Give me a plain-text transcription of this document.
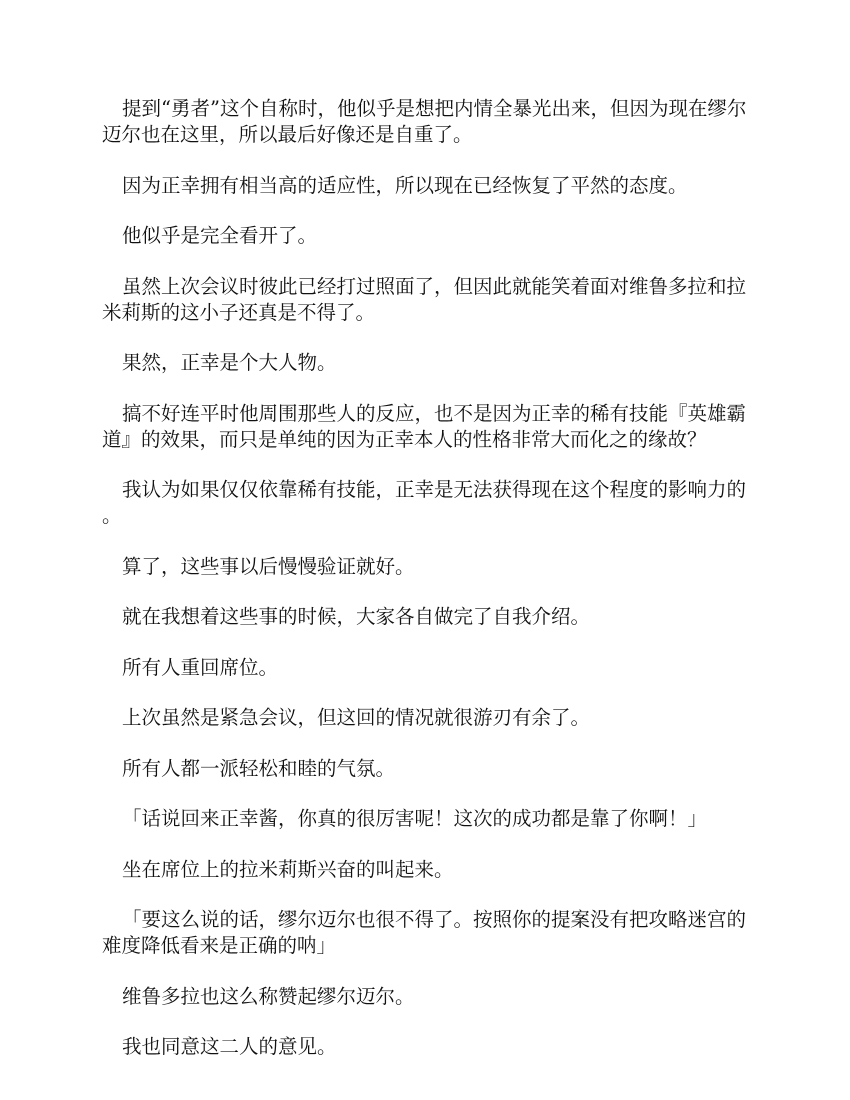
提到“勇者”这个自称时，他似乎是想把内情全暴光出来，但因为现在缪尔迈尔也在这里，所以最后好像还是自重了。

因为正幸拥有相当高的适应性，所以现在已经恢复了平然的态度。

他似乎是完全看开了。

虽然上次会议时彼此已经打过照面了，但因此就能笑着面对维鲁多拉和拉米莉斯的这小子还真是不得了。

果然，正幸是个大人物。

搞不好连平时他周围那些人的反应，也不是因为正幸的稀有技能『英雄霸道』的效果，而只是单纯的因为正幸本人的性格非常大而化之的缘故？

我认为如果仅仅依靠稀有技能，正幸是无法获得现在这个程度的影响力的。

算了，这些事以后慢慢验证就好。

就在我想着这些事的时候，大家各自做完了自我介绍。

所有人重回席位。

上次虽然是紧急会议，但这回的情况就很游刃有余了。

所有人都一派轻松和睦的气氛。

「话说回来正幸酱，你真的很厉害呢！这次的成功都是靠了你啊！」

坐在席位上的拉米莉斯兴奋的叫起来。

「要这么说的话，缪尔迈尔也很不得了。按照你的提案没有把攻略迷宫的难度降低看来是正确的呐」

维鲁多拉也这么称赞起缪尔迈尔。

我也同意这二人的意见。
